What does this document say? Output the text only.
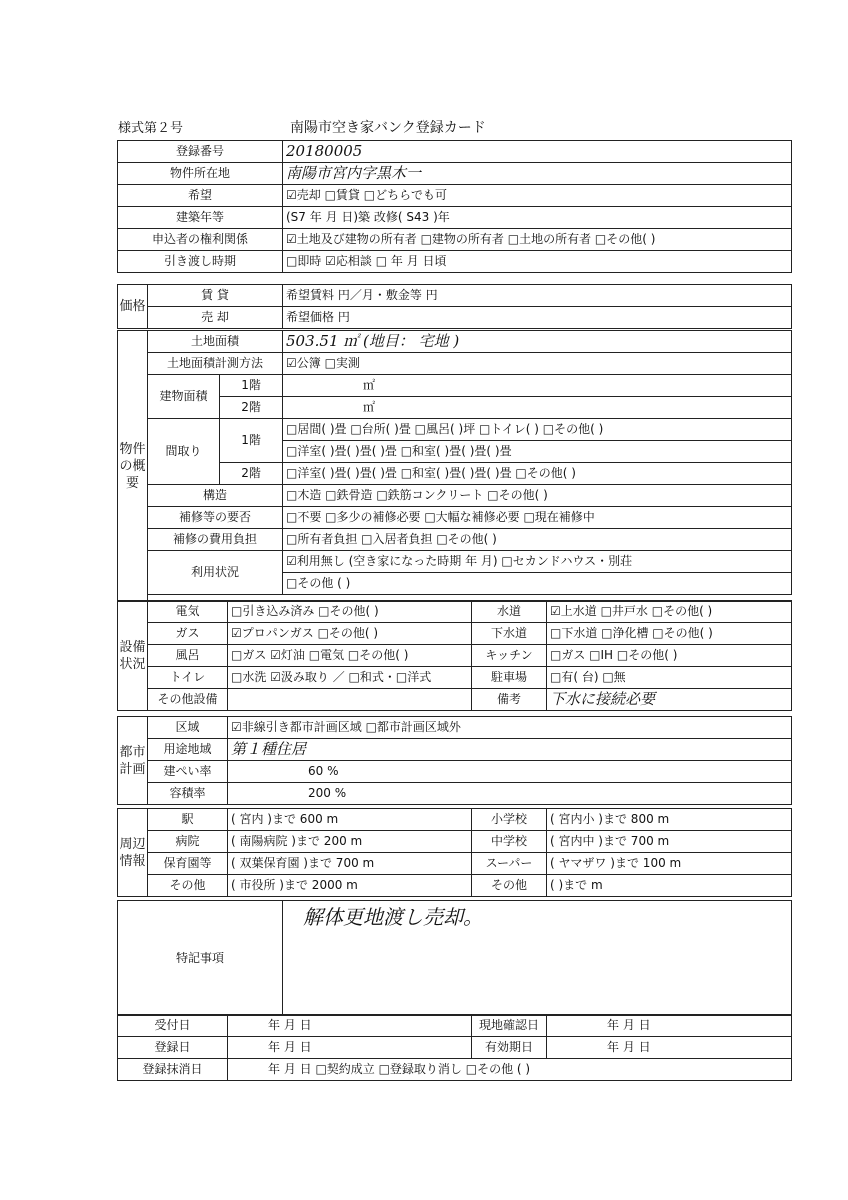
様式第２号	南陽市空き家バンク登録カード
登録番号	20180005
物件所在地	南陽市宮内字黒木一
希望	☑売却 □賃貸 □どちらでも可
建築年等	(S7 年 月 日)築 改修( S43 )年
申込者の権利関係	☑土地及び建物の所有者 □建物の所有者 □土地の所有者 □その他( )
引き渡し時期	□即時 ☑応相談 □ 年 月 日頃
価格	賃 貸	希望賃料 円／月・敷金等 円
	売 却	希望価格 円
物件の概要	土地面積		503.51 ㎡ (地目： 宅地 )
	土地面積計測方法		☑公簿 □実測
	建物面積	1階	㎡
		2階	㎡
	間取り	1階	□居間( )畳 □台所( )畳 □風呂( )坪 □トイレ( ) □その他( )
			□洋室( )畳( )畳( )畳 □和室( )畳( )畳( )畳
		2階	□洋室( )畳( )畳( )畳 □和室( )畳( )畳( )畳 □その他( )
	構造		□木造 □鉄骨造 □鉄筋コンクリート □その他( )
	補修等の要否		□不要 □多少の補修必要 □大幅な補修必要 □現在補修中
	補修の費用負担		□所有者負担 □入居者負担 □その他( )
	利用状況		☑利用無し (空き家になった時期 年 月) □セカンドハウス・別荘
			□その他 ( )

設備状況	電気	□引き込み済み □その他( )	水道	☑上水道 □井戸水 □その他( )
	ガス	☑プロパンガス □その他( )	下水道	□下水道 □浄化槽 □その他( )
	風呂	□ガス ☑灯油 □電気 □その他( )	キッチン	□ガス □IH □その他( )
	トイレ	□水洗 ☑汲み取り ／ □和式・□洋式	駐車場	□有( 台) □無
	その他設備		備考	下水に接続必要
都市計画	区域	☑非線引き都市計画区域 □都市計画区域外
	用途地域	第１種住居
	建ぺい率	60 %
	容積率	200 %
周辺情報	駅	( 宮内 )まで 600 m	小学校	( 宮内小 )まで 800 m
	病院	( 南陽病院 )まで 200 m	中学校	( 宮内中 )まで 700 m
	保育園等	( 双葉保育園 )まで 700 m	スーパー	( ヤマザワ )まで 100 m
	その他	( 市役所 )まで 2000 m	その他	( )まで m
特記事項	解体更地渡し売却。
受付日	年 月 日	現地確認日	年 月 日
登録日	年 月 日	有効期日	年 月 日
登録抹消日	年 月 日 □契約成立 □登録取り消し □その他 ( )		
